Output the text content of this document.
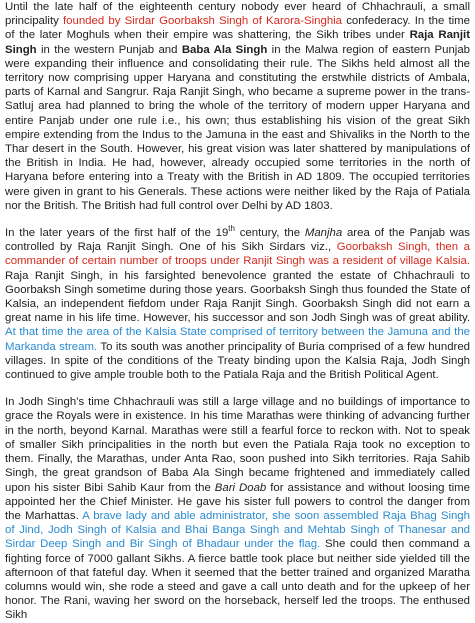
Until the late half of the eighteenth century nobody ever heard of Chhachrauli, a small principality founded by Sirdar Goorbaksh Singh of Karora-Singhia confederacy. In the time of the later Moghuls when their empire was shattering, the Sikh tribes under Raja Ranjit Singh in the western Punjab and Baba Ala Singh in the Malwa region of eastern Punjab were expanding their influence and consolidating their rule. The Sikhs held almost all the territory now comprising upper Haryana and constituting the erstwhile districts of Ambala, parts of Karnal and Sangrur. Raja Ranjit Singh, who became a supreme power in the trans-Satluj area had planned to bring the whole of the territory of modern upper Haryana and entire Panjab under one rule i.e., his own; thus establishing his vision of the great Sikh empire extending from the Indus to the Jamuna in the east and Shivaliks in the North to the Thar desert in the South. However, his great vision was later shattered by manipulations of the British in India. He had, however, already occupied some territories in the north of Haryana before entering into a Treaty with the British in AD 1809. The occupied territories were given in grant to his Generals. These actions were neither liked by the Raja of Patiala nor the British. The British had full control over Delhi by AD 1803.

In the later years of the first half of the 19th century, the Manjha area of the Panjab was controlled by Raja Ranjit Singh. One of his Sikh Sirdars viz., Goorbaksh Singh, then a commander of certain number of troops under Ranjit Singh was a resident of village Kalsia. Raja Ranjit Singh, in his farsighted benevolence granted the estate of Chhachrauli to Goorbaksh Singh sometime during those years. Goorbaksh Singh thus founded the State of Kalsia, an independent fiefdom under Raja Ranjit Singh. Goorbaksh Singh did not earn a great name in his life time. However, his successor and son Jodh Singh was of great ability. At that time the area of the Kalsia State comprised of territory between the Jamuna and the Markanda stream. To its south was another principality of Buria comprised of a few hundred villages. In spite of the conditions of the Treaty binding upon the Kalsia Raja, Jodh Singh continued to give ample trouble both to the Patiala Raja and the British Political Agent.

In Jodh Singh’s time Chhachrauli was still a large village and no buildings of importance to grace the Royals were in existence. In his time Marathas were thinking of advancing further in the north, beyond Karnal. Marathas were still a fearful force to reckon with. Not to speak of smaller Sikh principalities in the north but even the Patiala Raja took no exception to them. Finally, the Marathas, under Anta Rao, soon pushed into Sikh territories. Raja Sahib Singh, the great grandson of Baba Ala Singh became frightened and immediately called upon his sister Bibi Sahib Kaur from the Bari Doab for assistance and without loosing time appointed her the Chief Minister. He gave his sister full powers to control the danger from the Marhattas. A brave lady and able administrator, she soon assembled Raja Bhag Singh of Jind, Jodh Singh of Kalsia and Bhai Banga Singh and Mehtab Singh of Thanesar and Sirdar Deep Singh and Bir Singh of Bhadaur under the flag. She could then command a fighting force of 7000 gallant Sikhs. A fierce battle took place but neither side yielded till the afternoon of that fateful day. When it seemed that the better trained and organized Maratha columns would win, she rode a steed and gave a call unto death and for the upkeep of her honor. The Rani, waving her sword on the horseback, herself led the troops. The enthused Sikh
